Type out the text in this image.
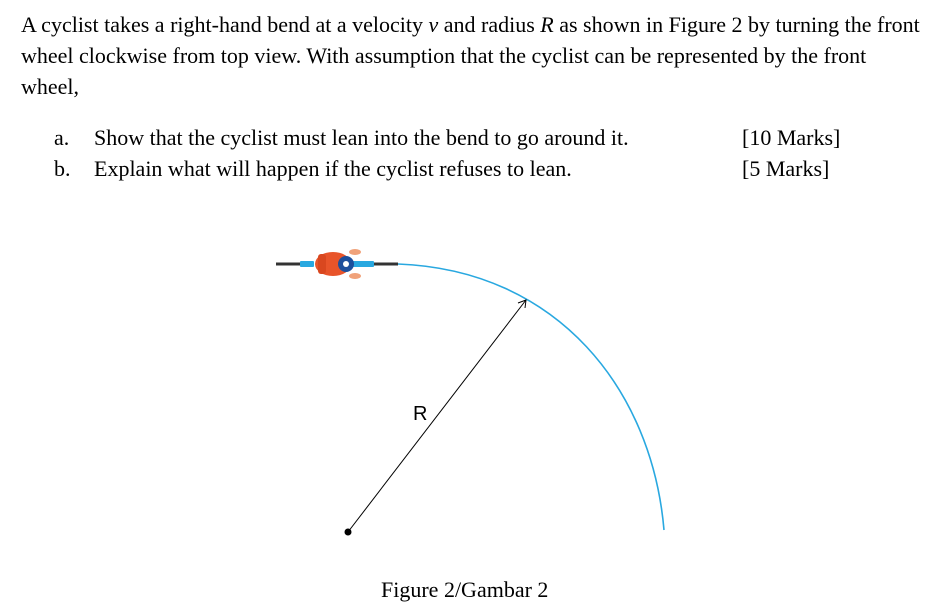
A cyclist takes a right-hand bend at a velocity v and radius R as shown in Figure 2 by turning the front wheel clockwise from top view. With assumption that the cyclist can be represented by the front wheel,
a. Show that the cyclist must lean into the bend to go around it.	[10 Marks]
b. Explain what will happen if the cyclist refuses to lean.	[5 Marks]
R
Figure 2/Gambar 2
